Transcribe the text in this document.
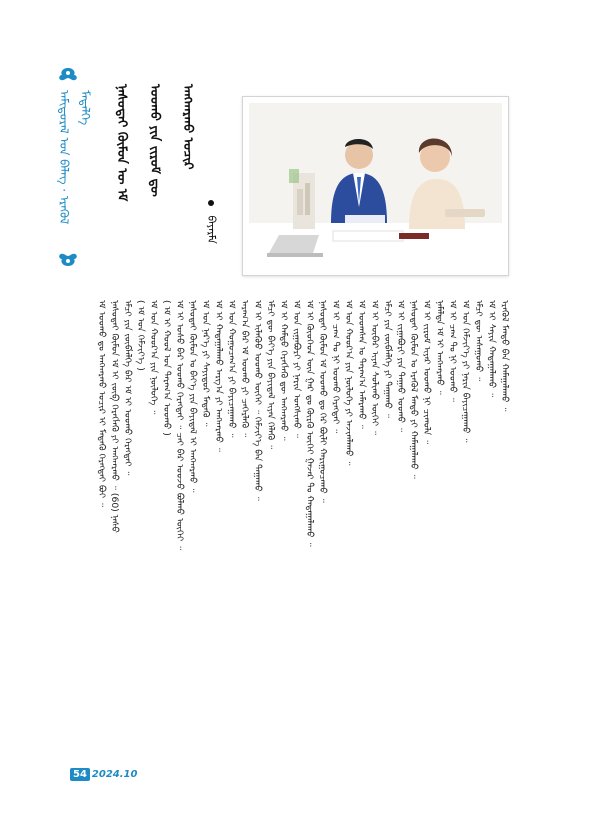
ᠠᠮᠢᠳᠤᠷᠠᠯ ᠤᠨ ᠪᠡᠯᠡᠭ᠌ · ᠡᠷᠡᠭᠦᠯ ᠮᠡᠳᠡᠯᠭᠡ	ᠨᠠᠰᠤᠲᠠᠢ ᠬᠦᠮᠦᠨ ᠦ ᠡᠮ	ᠤᠤᠬᠤ ᠶᠢᠨ ᠵᠢᠷᠤᠮ ᠳᠦ	ᠠᠩᠬᠠᠷᠬᠤ ᠤᠴᠢᠷ
ᠪᠠᠶᠠᠷᠮᠠ
ᠡᠮ ᠤᠤᠬᠤ ᠳᠤ ᠠᠩᠬᠠᠷᠬᠤ ᠤᠴᠢᠷ ᠢ ᠮᠡᠳᠡᠬᠦ ᠬᠡᠷᠡᠭᠲᠡᠢ ᠪᠤᠢ ᠃ ᠨᠠᠰᠤᠲᠠᠢ ᠬᠦᠮᠦᠨ ᠡᠮ ᠢ ᠵᠦᠪ ᠬᠡᠷᠡᠭᠯᠡᠬᠦ ᠶᠢ ᠠᠩᠬᠠᠷᠬᠤ ᠃ (60) ᠨᠠᠰᠤ ᠡᠮᠴᠢ ᠶᠢᠨ ᠵᠦᠪᠯᠡᠯᠭᠡ ᠪᠡᠷ ᠡᠮ ᠢ ᠤᠤᠬᠤ ᠬᠡᠷᠡᠭᠲᠡᠢ ᠃ ( ᠡᠮ ᠤᠨ ᠬᠡᠮᠵᠢᠶ᠎ᠡ ) ᠡᠮ ᠤᠨ ᠬᠣᠣᠷ᠎ᠠ ᠶᠢᠨ ᠨᠥᠯᠦᠭᠡ ᠃ ( ᠡᠮ ᠢ ᠬᠣᠣᠯ ᠤᠨ ᠳᠠᠷᠠᠭ᠎ᠠ ᠤᠤᠬᠤ ) ᠡᠮ ᠢ ᠤᠰᠤ ᠪᠠᠷ ᠤᠤᠬᠤ ᠬᠡᠷᠡᠭᠲᠡᠢ ᠃ ᠴᠠᠢ ᠪᠠᠷ ᠤᠤᠵᠤ ᠪᠣᠯᠬᠤ ᠦᠭᠡᠢ ᠃ ᠨᠠᠰᠤᠲᠠᠢ ᠬᠦᠮᠦᠨ ᠤ ᠪᠡᠶ᠎ᠡ ᠶᠢᠨ ᠪᠠᠶᠢᠳᠠᠯ ᠢ ᠠᠩᠬᠠᠷᠬᠤ ᠃ ᠡᠮ ᠤᠨ ᠨᠡᠷ᠎ᠡ ᠶᠢ ᠰᠠᠶᠢᠲᠤᠷ ᠮᠡᠳᠡᠬᠦ ᠃ ᠡᠮ ᠢ ᠬᠠᠳᠠᠭᠠᠯᠠᠬᠤ ᠠᠷᠭ᠎ᠠ ᠶᠢ ᠠᠩᠬᠠᠷᠬᠤ ᠃ ᠡᠮ ᠤᠨ ᠬᠤᠭᠤᠴᠠᠭ᠎ᠠ ᠶᠢ ᠪᠠᠶᠢᠴᠠᠭᠠᠬᠤ ᠃ ᠠᠷᠠᠭ᠎ᠠ ᠪᠠᠷ ᠡᠮ ᠤᠤᠬᠤ ᠶᠢ ᠴᠡᠭᠡᠷᠯᠡᠬᠦ ᠃ ᠡᠮ ᠢ ᠢᠯᠡᠭᠦᠦ ᠤᠤᠬᠤ ᠦᠭᠡᠢ ᠃ ᠬᠡᠮᠵᠢᠶ᠎ᠡ ᠪᠡᠨ ᠳᠠᠭᠠᠬᠤ ᠃ ᠡᠮᠴᠢ ᠳᠦ ᠪᠡᠶ᠎ᠡ ᠶᠢᠨ ᠪᠠᠶᠢᠳᠠᠯ ᠢᠶᠠᠨ ᠬᠡᠯᠡᠬᠦ ᠃ ᠡᠮ ᠢ ᠬᠠᠮᠲᠤ ᠬᠡᠷᠡᠭᠯᠡᠬᠦ ᠳᠦ ᠠᠩᠬᠠᠷᠬᠤ ᠃ ᠡᠮ ᠤᠨ ᠵᠢᠭᠠᠪᠤᠷᠢ ᠶᠢ ᠨᠠᠷᠢᠨ ᠤᠩᠰᠢᠬᠤ ᠃ ᠡᠮ ᠢ ᠬᠦᠦᠬᠡᠳ ᠦᠨ ᠭᠠᠷ ᠳᠤ ᠬᠦᠷᠬᠦ ᠦᠭᠡᠢ ᠭᠠᠵᠠᠷ ᠲᠤ ᠬᠠᠳᠠᠭᠠᠯᠠᠬᠤ ᠃ ᠨᠠᠰᠤᠲᠠᠢ ᠬᠦᠮᠦᠨ ᠡᠮ ᠤᠤᠬᠤ ᠳᠤ ᠭᠡᠷ ᠪᠦᠯᠢ ᠬᠠᠷᠢᠭᠤᠴᠠᠬᠤ ᠃ ᠡᠮ ᠢ ᠴᠠᠭ ᠲᠤ ᠨᠢ ᠤᠤᠬᠤ ᠬᠡᠷᠡᠭᠲᠡᠢ ᠃ ᠡᠮ ᠤᠨ ᠬᠣᠣᠷ᠎ᠠ ᠶᠢᠨ ᠨᠥᠯᠦᠭᠡ ᠶᠢ ᠠᠵᠢᠭᠯᠠᠬᠤ ᠃ ᠡᠮ ᠤᠤᠭᠰᠠᠨ ᠤ ᠳᠠᠷᠠᠭ᠎ᠠ ᠠᠮᠠᠷᠠᠬᠤ ᠃ ᠡᠮ ᠢ ᠦᠪᠡᠷ ᠢᠶᠡᠨ ᠰᠣᠯᠢᠬᠤ ᠦᠭᠡᠢ ᠃ ᠡᠮᠴᠢ ᠶᠢᠨ ᠵᠥᠪᠯᠡᠯᠭᠡ ᠶᠢ ᠳᠠᠭᠠᠬᠤ ᠃ ᠡᠮ ᠢ ᠵᠢᠭᠠᠪᠤᠷᠢ ᠶᠢᠨ ᠳᠠᠭᠠᠤ ᠤᠤᠬᠤ ᠃ ᠨᠠᠰᠤᠲᠠᠢ ᠬᠦᠮᠦᠨ ᠤ ᠡᠷᠡᠭᠦᠯ ᠮᠡᠨᠳᠦ ᠶᠢ ᠬᠠᠮᠠᠭᠠᠯᠠᠬᠤ ᠃ ᠡᠮ ᠢ ᠵᠢᠷᠤᠮ ᠢᠶᠠᠷ ᠤᠤᠬᠤ ᠨᠢ ᠴᠢᠬᠤᠯᠠ ᠃ ᠨᠡᠮᠡᠯᠲᠡ ᠡᠮ ᠢ ᠠᠩᠬᠠᠷᠬᠤ ᠃ ᠡᠮ ᠢ ᠴᠠᠭ ᠲᠤ ᠨᠢ ᠤᠤᠬᠤ ᠃ ᠡᠮ ᠤᠨ ᠬᠡᠮᠵᠢᠶ᠎ᠡ ᠶᠢ ᠨᠠᠷᠢᠨ ᠪᠠᠶᠢᠴᠠᠭᠠᠬᠤ ᠃ ᠡᠮᠴᠢ ᠳᠦ ᠠᠰᠠᠭᠤᠬᠤ ᠃ ᠡᠮ ᠢ ᠰᠠᠶᠢᠨ ᠬᠠᠳᠠᠭᠠᠯᠠᠬᠤ ᠃ ᠡᠷᠡᠭᠦᠯ ᠮᠡᠨᠳᠦ ᠪᠡᠨ ᠬᠠᠮᠠᠭᠠᠯᠠᠬᠤ ᠃
54 2024.10
